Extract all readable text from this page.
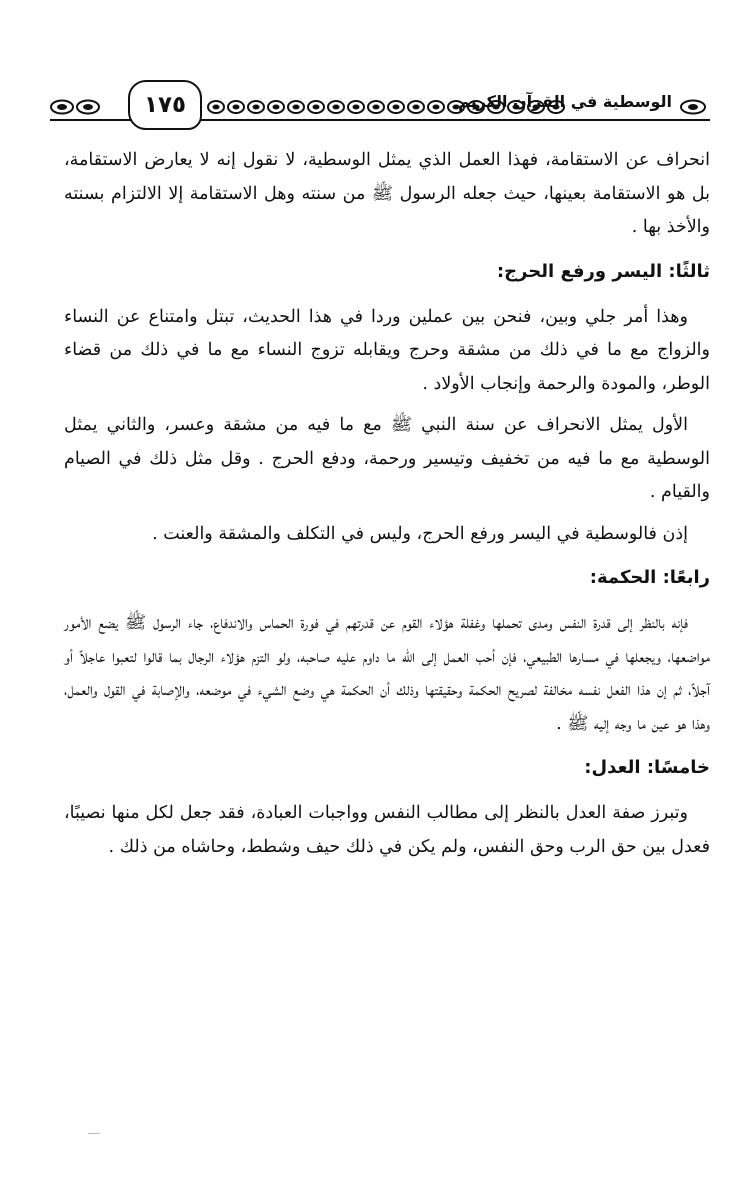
١٧٥	الوسطية في القرآن الكريم

انحراف عن الاستقامة، فهذا العمل الذي يمثل الوسطية، لا نقول إنه لا يعارض الاستقامة، بل هو الاستقامة بعينها، حيث جعله الرسول ﷺ من سنته وهل الاستقامة إلا الالتزام بسنته والأخذ بها .

ثالثًا: اليسر ورفع الحرج:

وهذا أمر جلي وبين، فنحن بين عملين وردا في هذا الحديث، تبتل وامتناع عن النساء والزواج مع ما في ذلك من مشقة وحرج ويقابله تزوج النساء مع ما في ذلك من قضاء الوطر، والمودة والرحمة وإنجاب الأولاد .

الأول يمثل الانحراف عن سنة النبي ﷺ مع ما فيه من مشقة وعسر، والثاني يمثل الوسطية مع ما فيه من تخفيف وتيسير ورحمة، ودفع الحرج . وقل مثل ذلك في الصيام والقيام .

إذن فالوسطية في اليسر ورفع الحرج، وليس في التكلف والمشقة والعنت .

رابعًا: الحكمة:

فإنه بالنظر إلى قدرة النفس ومدى تحملها وغفلة هؤلاء القوم عن قدرتهم في فورة الحماس والاندفاع، جاء الرسول ﷺ يضع الأمور مواضعها، ويجعلها في مسارها الطبيعي، فإن أحب العمل إلى الله ما داوم عليه صاحبه، ولو التزم هؤلاء الرجال بما قالوا لتعبوا عاجلاً أو آجلاً، ثم إن هذا الفعل نفسه مخالفة لصريح الحكمة وحقيقتها وذلك أن الحكمة هي وضع الشيء في موضعه، والإصابة في القول والعمل، وهذا هو عين ما وجه إليه ﷺ .

خامسًا: العدل:

وتبرز صفة العدل بالنظر إلى مطالب النفس وواجبات العبادة، فقد جعل لكل منها نصيبًا، فعدل بين حق الرب وحق النفس، ولم يكن في ذلك حيف وشطط، وحاشاه من ذلك .
